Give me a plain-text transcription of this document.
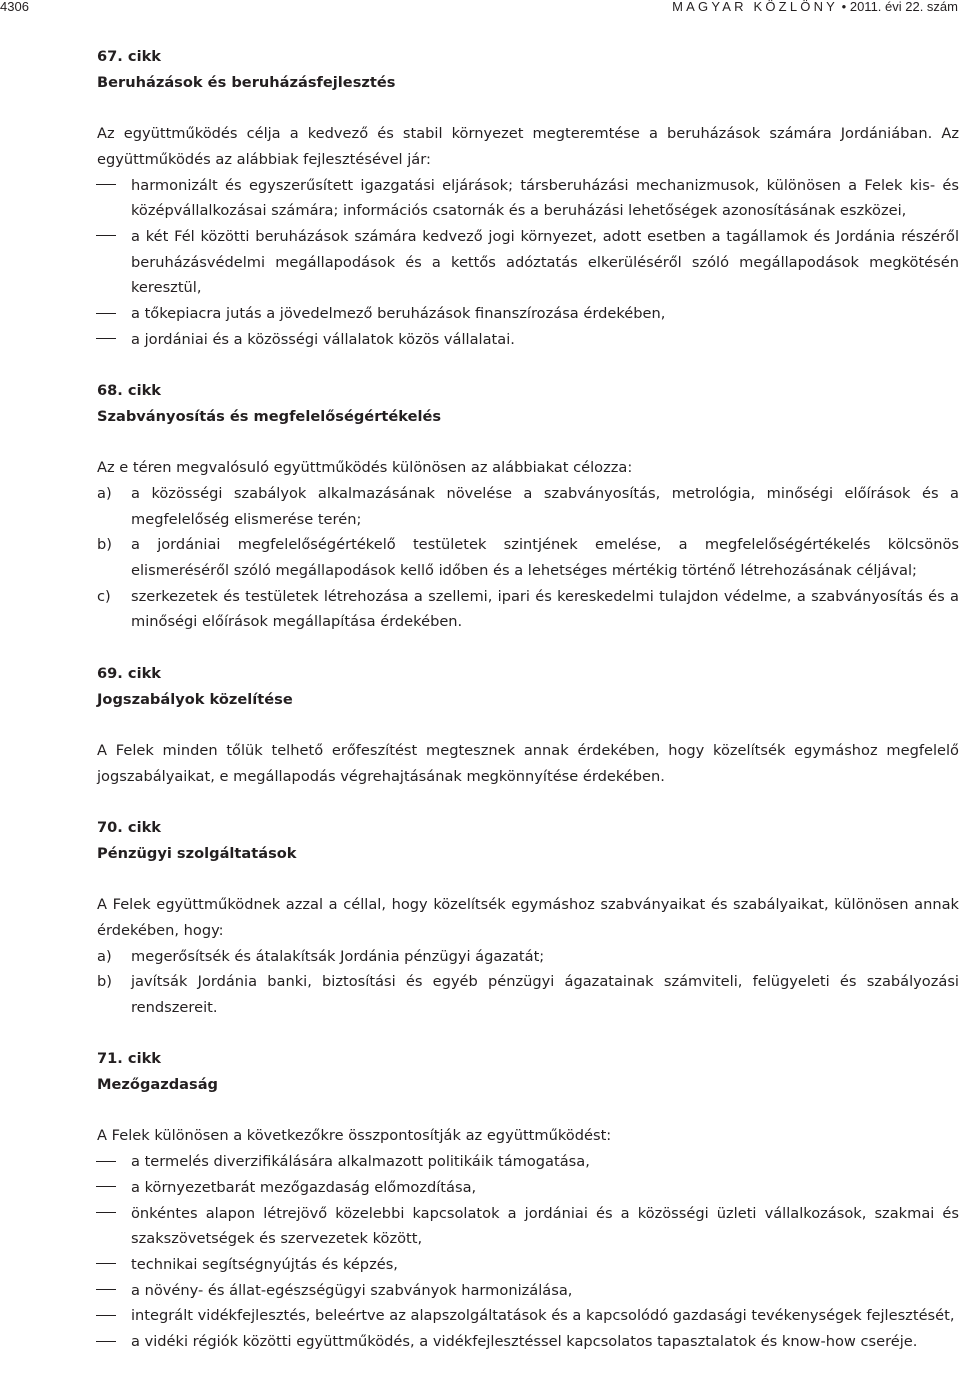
4306	MAGYAR KÖZLÖNY • 2011. évi 22. szám
67. cikk
Beruházások és beruházásfejlesztés

Az együttműködés célja a kedvező és stabil környezet megteremtése a beruházások számára Jordániában. Az együttműködés az alábbiak fejlesztésével jár:

harmonizált és egyszerűsített igazgatási eljárások; társberuházási mechanizmusok, különösen a Felek kis- és középvállalkozásai számára; információs csatornák és a beruházási lehetőségek azonosításának eszközei,
a két Fél közötti beruházások számára kedvező jogi környezet, adott esetben a tagállamok és Jordánia részéről beruházásvédelmi megállapodások és a kettős adóztatás elkerüléséről szóló megállapodások megkötésén keresztül,
a tőkepiacra jutás a jövedelmező beruházások finanszírozása érdekében,
a jordániai és a közösségi vállalatok közös vállalatai.
68. cikk
Szabványosítás és megfelelőségértékelés

Az e téren megvalósuló együttműködés különösen az alábbiakat célozza:

a) a közösségi szabályok alkalmazásának növelése a szabványosítás, metrológia, minőségi előírások és a megfelelőség elismerése terén;
b) a jordániai megfelelőségértékelő testületek szintjének emelése, a megfelelőségértékelés kölcsönös elismeréséről szóló megállapodások kellő időben és a lehetséges mértékig történő létrehozásának céljával;
c) szerkezetek és testületek létrehozása a szellemi, ipari és kereskedelmi tulajdon védelme, a szabványosítás és a minőségi előírások megállapítása érdekében.
69. cikk
Jogszabályok közelítése

A Felek minden tőlük telhető erőfeszítést megtesznek annak érdekében, hogy közelítsék egymáshoz megfelelő jogszabályaikat, e megállapodás végrehajtásának megkönnyítése érdekében.

70. cikk
Pénzügyi szolgáltatások

A Felek együttműködnek azzal a céllal, hogy közelítsék egymáshoz szabványaikat és szabályaikat, különösen annak érdekében, hogy:

a) megerősítsék és átalakítsák Jordánia pénzügyi ágazatát;
b) javítsák Jordánia banki, biztosítási és egyéb pénzügyi ágazatainak számviteli, felügyeleti és szabályozási rendszereit.
71. cikk
Mezőgazdaság

A Felek különösen a következőkre összpontosítják az együttműködést:

a termelés diverzifikálására alkalmazott politikáik támogatása,
a környezetbarát mezőgazdaság előmozdítása,
önkéntes alapon létrejövő közelebbi kapcsolatok a jordániai és a közösségi üzleti vállalkozások, szakmai és szakszövetségek és szervezetek között,
technikai segítségnyújtás és képzés,
a növény- és állat-egészségügyi szabványok harmonizálása,
integrált vidékfejlesztés, beleértve az alapszolgáltatások és a kapcsolódó gazdasági tevékenységek fejlesztését,
a vidéki régiók közötti együttműködés, a vidékfejlesztéssel kapcsolatos tapasztalatok és know-how cseréje.
